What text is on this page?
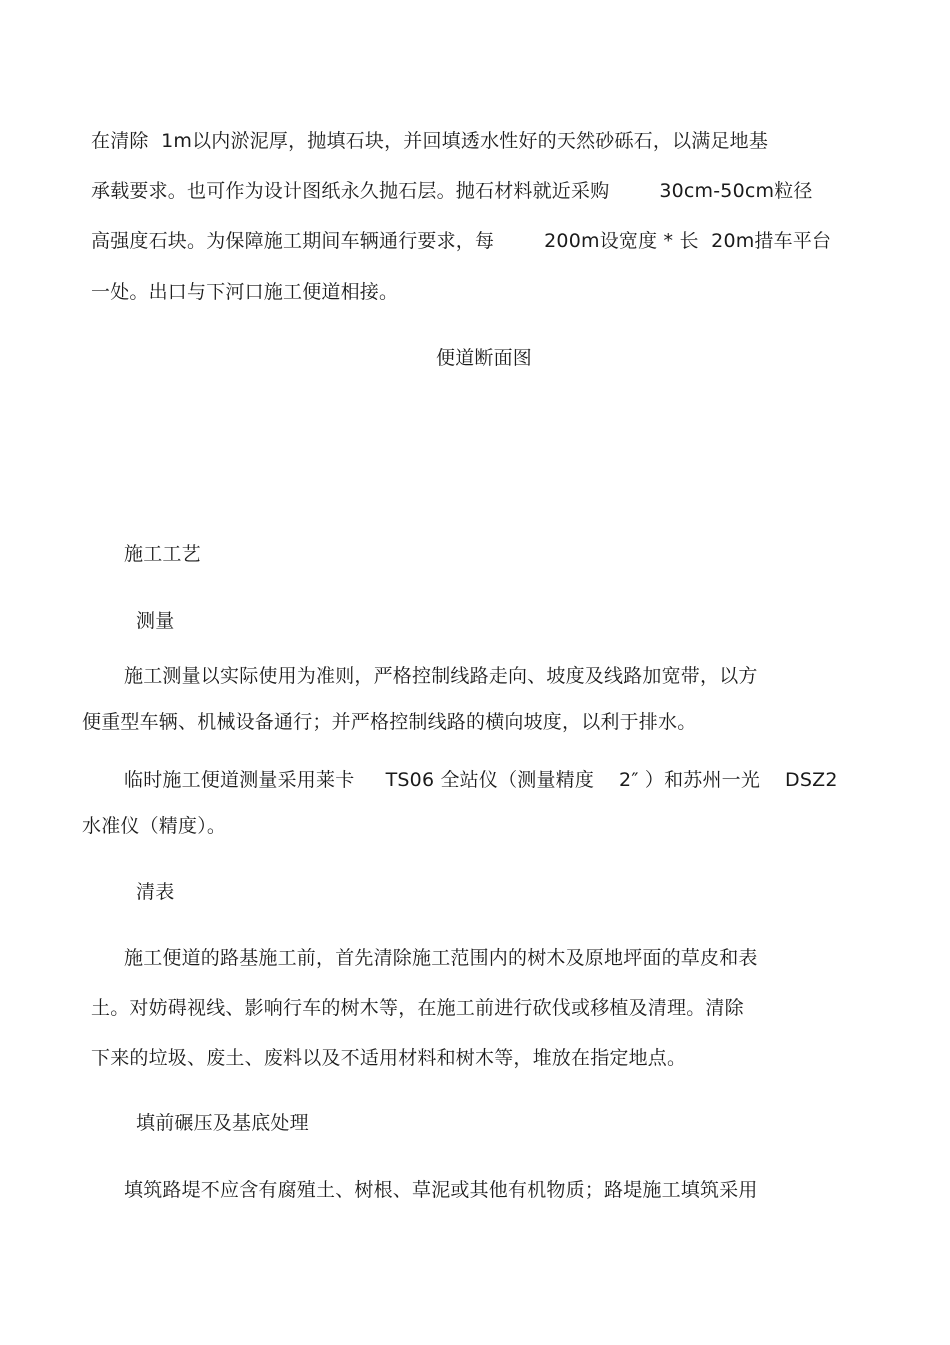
在清除  1m以内淤泥厚，抛填石块，并回填透水性好的天然砂砾石，以满足地基
承载要求。也可作为设计图纸永久抛石层。抛石材料就近采购        30cm-50cm粒径
高强度石块。为保障施工期间车辆通行要求，每        200m设宽度 * 长  20m措车平台
一处。出口与下河口施工便道相接。
便道断面图
施工工艺
测量
施工测量以实际使用为准则，严格控制线路走向、坡度及线路加宽带，以方
便重型车辆、机械设备通行；并严格控制线路的横向坡度，以利于排水。
临时施工便道测量采用莱卡     TS06 全站仪（测量精度    2″ ）和苏州一光    DSZ2
水准仪（精度）。
清表
施工便道的路基施工前，首先清除施工范围内的树木及原地坪面的草皮和表
土。对妨碍视线、影响行车的树木等，在施工前进行砍伐或移植及清理。清除
下来的垃圾、废土、废料以及不适用材料和树木等，堆放在指定地点。
填前碾压及基底处理
填筑路堤不应含有腐殖土、树根、草泥或其他有机物质；路堤施工填筑采用
